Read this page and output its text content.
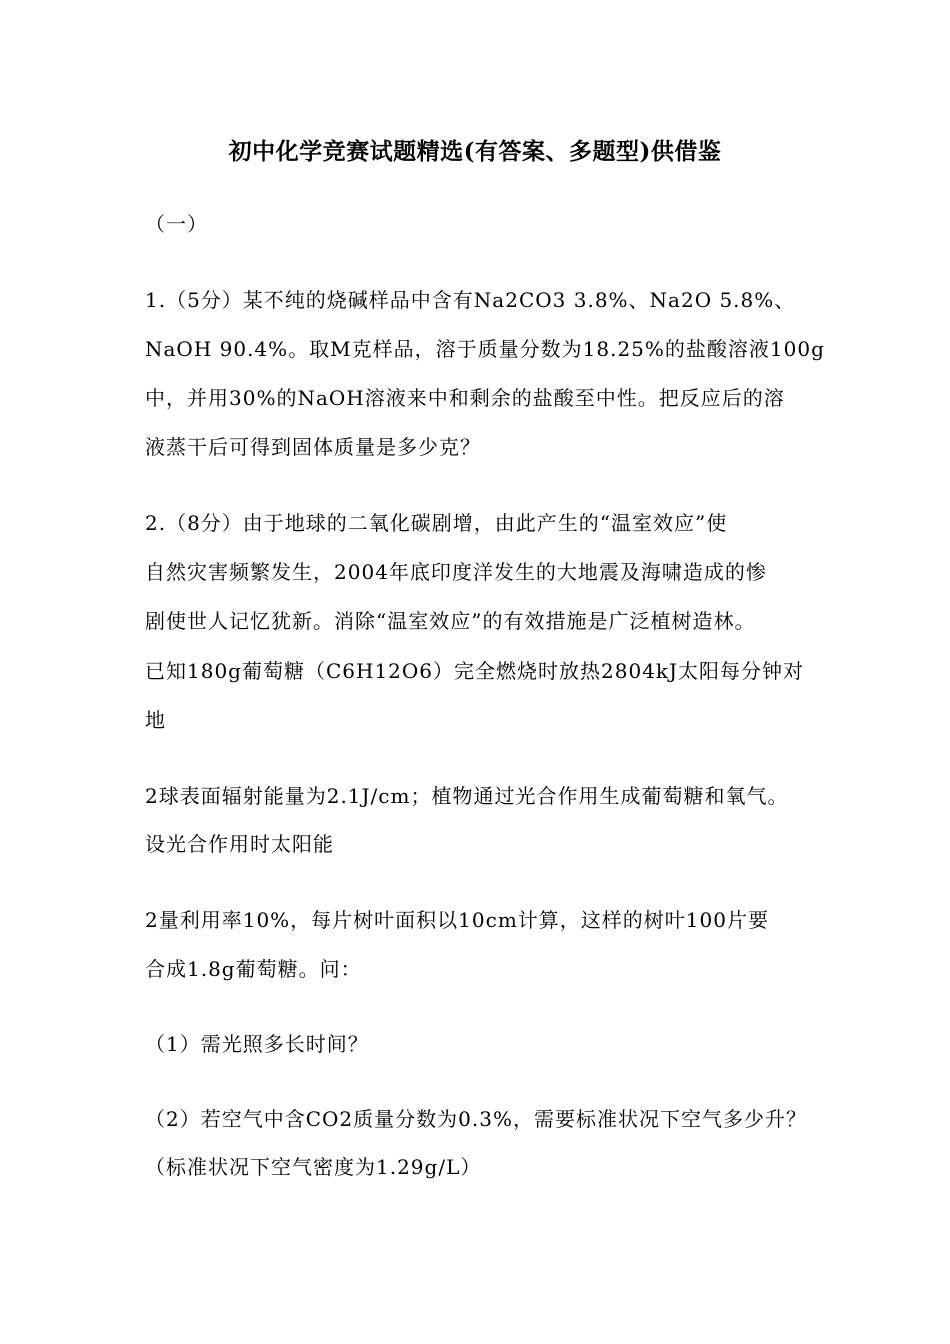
初中化学竞赛试题精选(有答案、多题型)供借鉴
（一）
1.（5分）某不纯的烧碱样品中含有Na2CO3 3.8%、Na2O 5.8%、
NaOH 90.4%。取M克样品，溶于质量分数为18.25%的盐酸溶液100g
中，并用30%的NaOH溶液来中和剩余的盐酸至中性。把反应后的溶
液蒸干后可得到固体质量是多少克？
2.（8分）由于地球的二氧化碳剧增，由此产生的“温室效应”使
自然灾害频繁发生，2004年底印度洋发生的大地震及海啸造成的惨
剧使世人记忆犹新。消除“温室效应”的有效措施是广泛植树造林。
已知180g葡萄糖（C6H12O6）完全燃烧时放热2804kJ太阳每分钟对
地
2球表面辐射能量为2.1J/cm；植物通过光合作用生成葡萄糖和氧气。
设光合作用时太阳能
2量利用率10%，每片树叶面积以10cm计算，这样的树叶100片要
合成1.8g葡萄糖。问：
（1）需光照多长时间？
（2）若空气中含CO2质量分数为0.3%，需要标准状况下空气多少升？
（标准状况下空气密度为1.29g/L）
